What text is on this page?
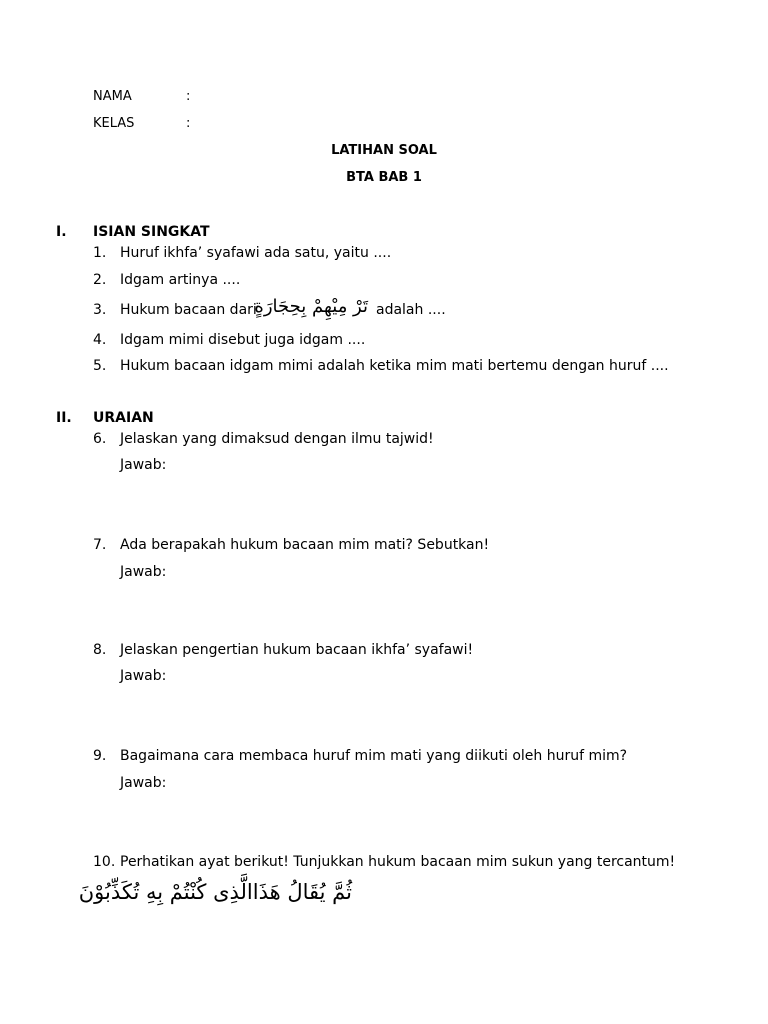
NAMA	:
KELAS	:
LATIHAN SOAL
BTA BAB 1
I. ISIAN SINGKAT
1. Huruf ikhfa’ syafawi ada satu, yaitu ....
2. Idgam artinya ....
3. Hukum bacaan dari
تَرْ مِيْهِمْ بِحِجَارَةٍ adalah ....
4. Idgam mimi disebut juga idgam ....
5. Hukum bacaan idgam mimi adalah ketika mim mati bertemu dengan huruf ....
II. URAIAN
6. Jelaskan yang dimaksud dengan ilmu tajwid!
Jawab:
7. Ada berapakah hukum bacaan mim mati? Sebutkan!
Jawab:
8. Jelaskan pengertian hukum bacaan ikhfa’ syafawi!
Jawab:
9. Bagaimana cara membaca huruf mim mati yang diikuti oleh huruf mim?
Jawab:
10. Perhatikan ayat berikut! Tunjukkan hukum bacaan mim sukun yang tercantum!
ثُمَّ يُقَالُ هَذَاالَّذِى كُنْتُمْ بِهِ تُكَذِّبُوْنَ
